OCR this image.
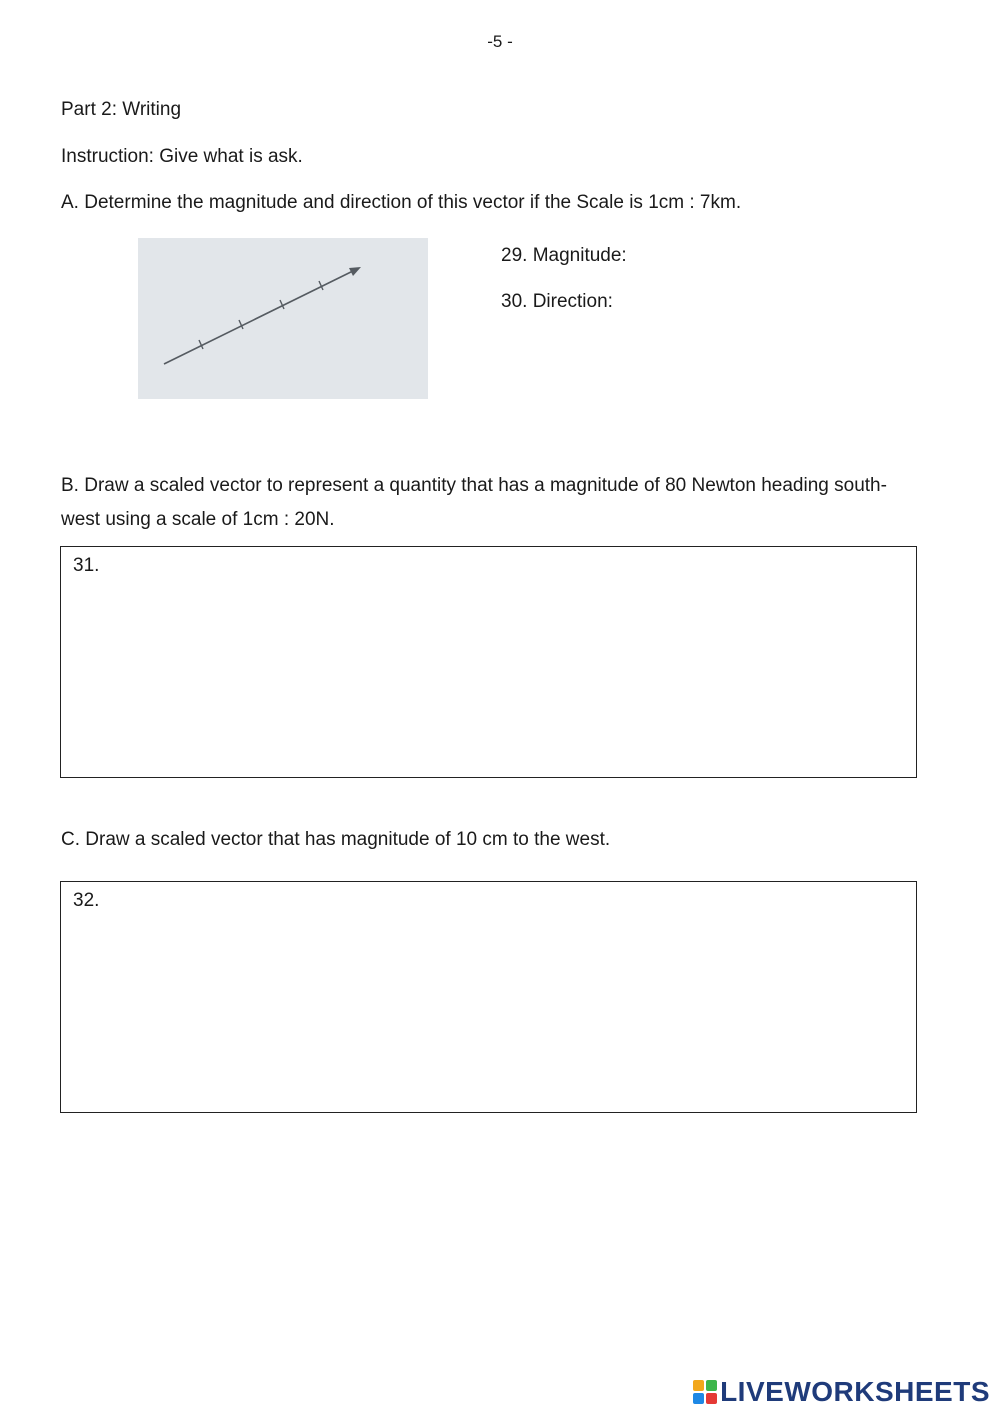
-5 -
Part 2: Writing
Instruction: Give what is ask.
A. Determine the magnitude and direction of this vector if the Scale is 1cm : 7km.
29. Magnitude:
30. Direction:
B. Draw a scaled vector to represent a quantity that has a magnitude of 80 Newton heading south-
west using a scale of 1cm : 20N.
31.
C. Draw a scaled vector that has magnitude of 10 cm to the west.
32.
LIVEWORKSHEETS
